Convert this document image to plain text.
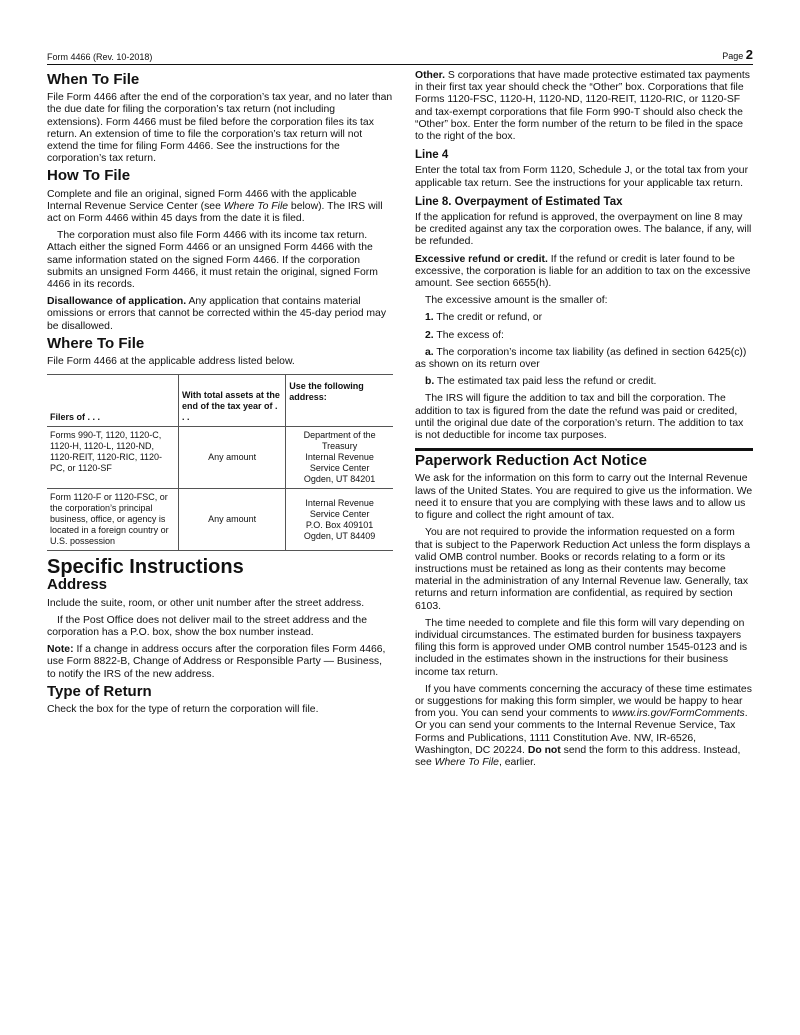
Form 4466 (Rev. 10-2018)	Page 2
When To File

File Form 4466 after the end of the corporation’s tax year, and no later than the due date for filing the corporation’s tax return (not including extensions). Form 4466 must be filed before the corporation files its tax return. An extension of time to file the corporation’s tax return will not extend the time for filing Form 4466. See the instructions for the corporation’s tax return.

How To File

Complete and file an original, signed Form 4466 with the applicable Internal Revenue Service Center (see Where To File below). The IRS will act on Form 4466 within 45 days from the date it is filed.

The corporation must also file Form 4466 with its income tax return. Attach either the signed Form 4466 or an unsigned Form 4466 with the same information stated on the signed Form 4466. If the corporation submits an unsigned Form 4466, it must retain the original, signed Form 4466 in its records.

Disallowance of application. Any application that contains material omissions or errors that cannot be corrected within the 45-day period may be disallowed.

Where To File

File Form 4466 at the applicable address listed below.

Filers of . . .	With total assets at the end of the tax year of . . .	Use the following address:
Forms 990-T, 1120, 1120-C, 1120-H, 1120-L, 1120-ND, 1120-REIT, 1120-RIC, 1120-PC, or 1120-SF	Any amount	Department of the
Treasury
Internal Revenue
Service Center
Ogden, UT 84201

Form 1120-F or 1120-FSC, or the corporation’s principal business, office, or agency is located in a foreign country or U.S. possession	Any amount	Internal Revenue
Service Center
P.O. Box 409101
Ogden, UT 84409
Specific Instructions
Address

Include the suite, room, or other unit number after the street address.

If the Post Office does not deliver mail to the street address and the corporation has a P.O. box, show the box number instead.

Note: If a change in address occurs after the corporation files Form 4466, use Form 8822-B, Change of Address or Responsible Party — Business, to notify the IRS of the new address.

Type of Return

Check the box for the type of return the corporation will file.

Other. S corporations that have made protective estimated tax payments in their first tax year should check the “Other” box. Corporations that file Forms 1120-FSC, 1120-H, 1120-ND, 1120-REIT, 1120-RIC, or 1120-SF and tax-exempt corporations that file Form 990-T should also check the “Other” box. Enter the form number of the return to be filed in the space to the right of the box.

Line 4

Enter the total tax from Form 1120, Schedule J, or the total tax from your applicable tax return. See the instructions for your applicable tax return.

Line 8. Overpayment of Estimated Tax

If the application for refund is approved, the overpayment on line 8 may be credited against any tax the corporation owes. The balance, if any, will be refunded.

Excessive refund or credit. If the refund or credit is later found to be excessive, the corporation is liable for an addition to tax on the excessive amount. See section 6655(h).

The excessive amount is the smaller of:

1. The credit or refund, or

2. The excess of:

a. The corporation’s income tax liability (as defined in section 6425(c)) as shown on its return over

b. The estimated tax paid less the refund or credit.

The IRS will figure the addition to tax and bill the corporation. The addition to tax is figured from the date the refund was paid or credited, until the original due date of the corporation’s return. The addition to tax is not deductible for income tax purposes.

Paperwork Reduction Act Notice

We ask for the information on this form to carry out the Internal Revenue laws of the United States. You are required to give us the information. We need it to ensure that you are complying with these laws and to allow us to figure and collect the right amount of tax.

You are not required to provide the information requested on a form that is subject to the Paperwork Reduction Act unless the form displays a valid OMB control number. Books or records relating to a form or its instructions must be retained as long as their contents may become material in the administration of any Internal Revenue law. Generally, tax returns and return information are confidential, as required by section 6103.

The time needed to complete and file this form will vary depending on individual circumstances. The estimated burden for business taxpayers filing this form is approved under OMB control number 1545-0123 and is included in the estimates shown in the instructions for their business income tax return.

If you have comments concerning the accuracy of these time estimates or suggestions for making this form simpler, we would be happy to hear from you. You can send your comments to www.irs.gov/FormComments. Or you can send your comments to the Internal Revenue Service, Tax Forms and Publications, 1111 Constitution Ave. NW, IR-6526, Washington, DC 20224. Do not send the form to this address. Instead, see Where To File, earlier.
